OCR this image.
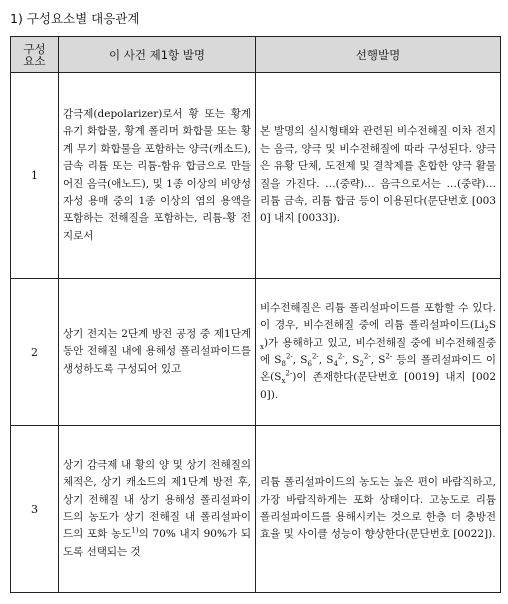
1) 구성요소별 대응관계
구성
요소	이 사건 제1항 발명	선행발명
1	감극제(depolarizer)로서 황 또는 황계 유기 화합물, 황계 폴리머 화합물 또는 황계 무기 화합물을 포함하는 양극(캐소드), 금속 리튬 또는 리튬-함유 합금으로 만들어진 음극(애노드), 및 1종 이상의 비양성자성 용매 중의 1종 이상의 염의 용액을 포함하는 전해질을 포함하는, 리튬-황 전지로서	본 발명의 실시형태와 관련된 비수전해질 이차 전지는 음극, 양극 및 비수전해질에 따라 구성된다. 양극은 유황 단체, 도전제 및 결착제를 혼합한 양극 활물질을 가진다. …(중략)… 음극으로서는 …(중략)… 리튬 금속, 리튬 합금 등이 이용된다(문단번호 [0030] 내지 [0033]).

2	상기 전지는 2단계 방전 공정 중 제1단계 동안 전해질 내에 용해성 폴리설파이드를 생성하도록 구성되어 있고	비수전해질은 리튬 폴리설파이드를 포함할 수 있다. 이 경우, 비수전해질 중에 리튬 폴리설파이드$(Li_2S_x)$가 용해하고 있고, 비수전해질 중에 비수전해질중에 $S_8^{2-}$, $S_6^{2-}$, $S_4^{2-}$, $S_2^{2-}$, $S^{2-}$ 등의 폴리설파이드 이온$(S_x^{2-})$이 존재한다(문단번호 [0019] 내지 [0020]).

3	상기 감극제 내 황의 양 및 상기 전해질의 체적은, 상기 캐소드의 제1단계 방전 후, 상기 전해질 내 상기 용해성 폴리설파이드의 농도가 상기 전해질 내 폴리설파이드의 포화 농도$^{1)}$의 70% 내지 90%가 되도록 선택되는 것	리튬 폴리설파이드의 농도는 높은 편이 바람직하고, 가장 바람직하게는 포화 상태이다. 고농도로 리튬 폴리설파이드를 용해시키는 것으로 한층 더 충방전 효율 및 사이클 성능이 향상한다(문단번호 [0022]).
